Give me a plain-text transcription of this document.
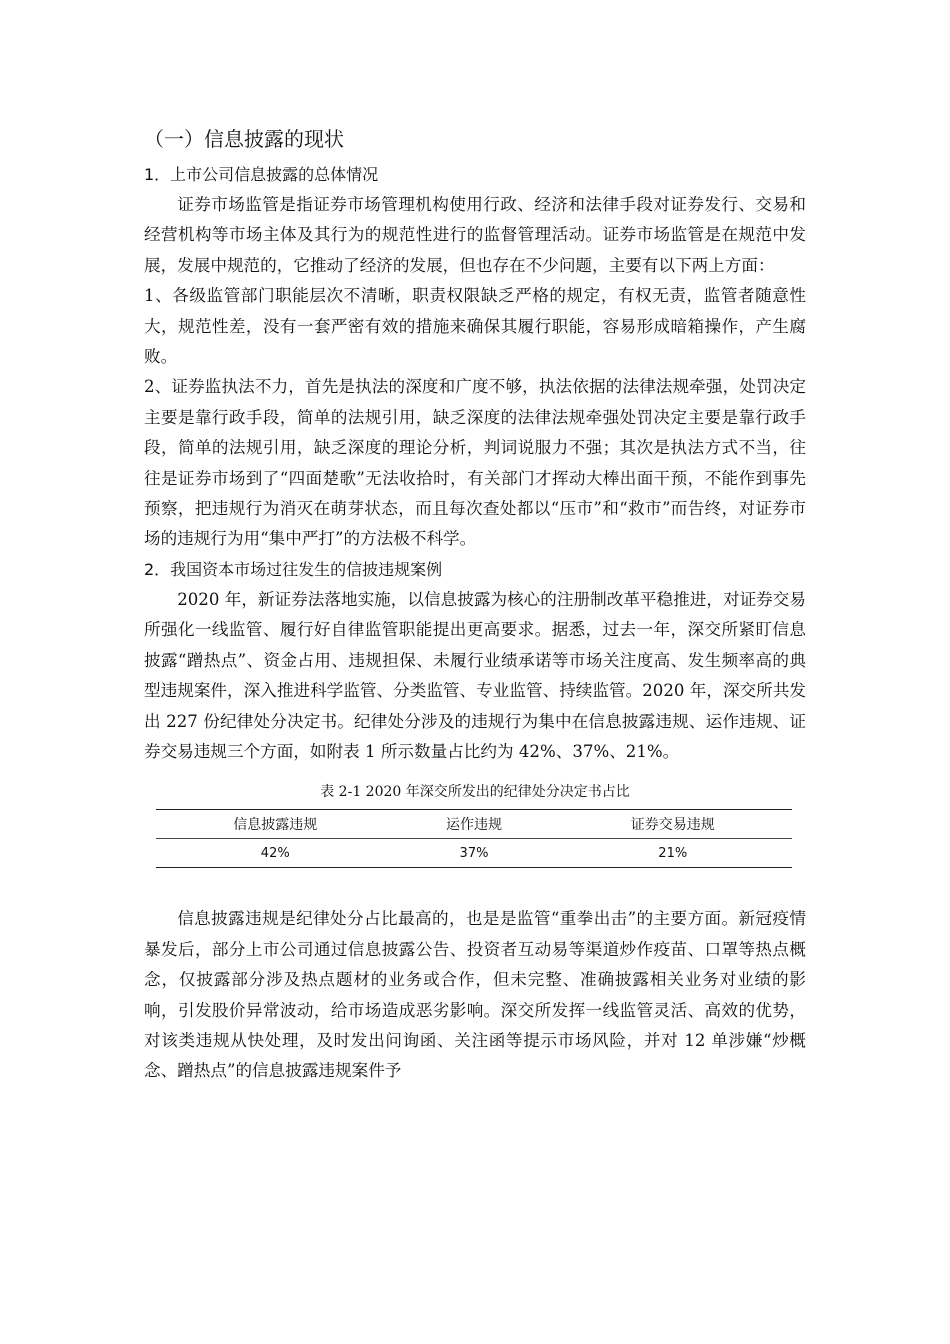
（一）信息披露的现状
1．上市公司信息披露的总体情况

证券市场监管是指证券市场管理机构使用行政、经济和法律手段对证券发行、交易和经营机构等市场主体及其行为的规范性进行的监督管理活动。证券市场监管是在规范中发展，发展中规范的，它推动了经济的发展，但也存在不少问题，主要有以下两上方面：

1、各级监管部门职能层次不清晰，职责权限缺乏严格的规定，有权无责，监管者随意性大，规范性差，没有一套严密有效的措施来确保其履行职能，容易形成暗箱操作，产生腐败。

2、证券监执法不力，首先是执法的深度和广度不够，执法依据的法律法规牵强，处罚决定主要是靠行政手段，简单的法规引用，缺乏深度的法律法规牵强处罚决定主要是靠行政手段，简单的法规引用，缺乏深度的理论分析，判词说服力不强；其次是执法方式不当，往往是证券市场到了“四面楚歌”无法收拾时，有关部门才挥动大棒出面干预，不能作到事先预察，把违规行为消灭在萌芽状态，而且每次查处都以“压市”和“救市”而告终，对证券市场的违规行为用“集中严打”的方法极不科学。

2．我国资本市场过往发生的信披违规案例

2020 年，新证券法落地实施，以信息披露为核心的注册制改革平稳推进，对证券交易所强化一线监管、履行好自律监管职能提出更高要求。据悉，过去一年，深交所紧盯信息披露“蹭热点”、资金占用、违规担保、未履行业绩承诺等市场关注度高、发生频率高的典型违规案件，深入推进科学监管、分类监管、专业监管、持续监管。2020 年，深交所共发出 227 份纪律处分决定书。纪律处分涉及的违规行为集中在信息披露违规、运作违规、证券交易违规三个方面，如附表 1 所示数量占比约为 42%、37%、21%。

表 2-1 2020 年深交所发出的纪律处分决定书占比
信息披露违规	运作违规	证券交易违规
42%	37%	21%

信息披露违规是纪律处分占比最高的，也是是监管“重拳出击”的主要方面。新冠疫情暴发后，部分上市公司通过信息披露公告、投资者互动易等渠道炒作疫苗、口罩等热点概念，仅披露部分涉及热点题材的业务或合作，但未完整、准确披露相关业务对业绩的影响，引发股价异常波动，给市场造成恶劣影响。深交所发挥一线监管灵活、高效的优势，对该类违规从快处理，及时发出问询函、关注函等提示市场风险，并对 12 单涉嫌“炒概念、蹭热点”的信息披露违规案件予
